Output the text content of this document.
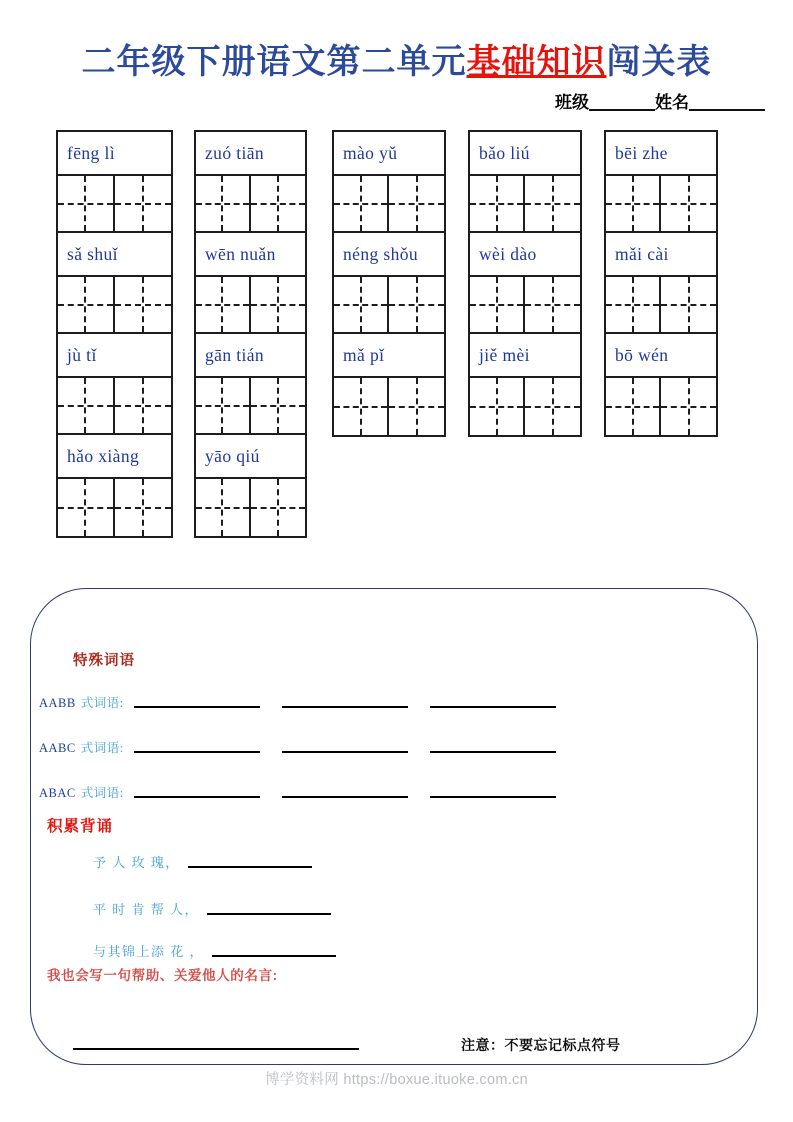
二年级下册语文第二单元基础知识闯关表
班级	姓名
fēng lì
sǎ shuǐ
jù tǐ
hǎo xiàng
zuó tiān
wēn nuǎn
gān tián
yāo qiú
mào yǔ
néng shǒu
mǎ pǐ
bǎo liú
wèi dào
jiě mèi
bēi zhe
mǎi cài
bō wén
特殊词语
AABB 式词语:
AABC 式词语:
ABAC 式词语:
积累背诵
予 人 玫 瑰，
平 时 肯 帮 人，
与其锦上添 花 ，
我也会写一句帮助、关爱他人的名言:
注意：不要忘记标点符号
博学资料网 https://boxue.ituoke.com.cn
